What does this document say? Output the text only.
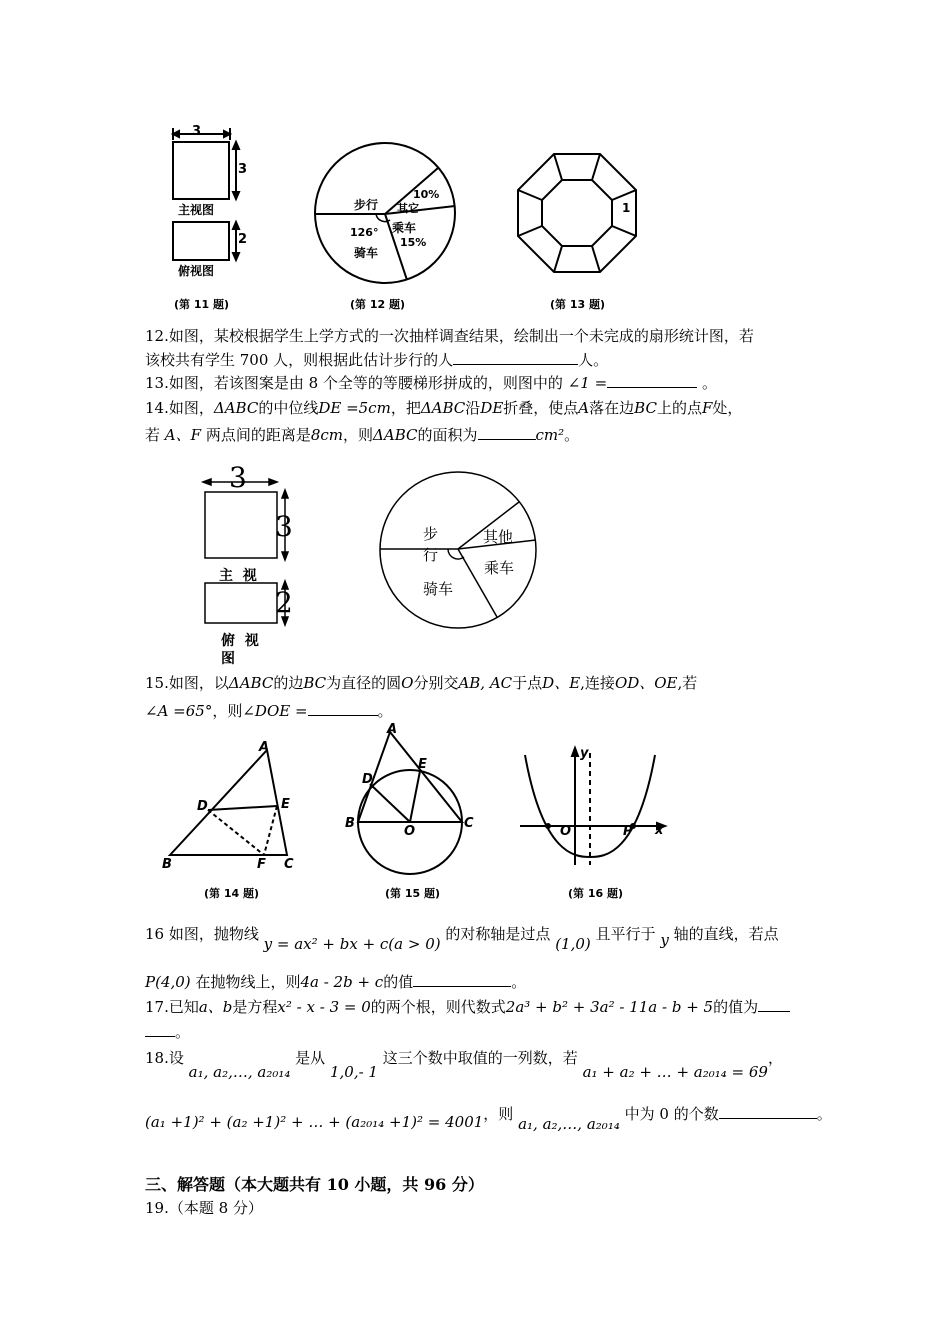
3
3
主视图
2
俯视图
(第 11 题)
步行
10%
其它
乘车
15%
126°
骑车
(第 12 题)
1
(第 13 题)
12.如图，某校根据学生上学方式的一次抽样调查结果，绘制出一个未完成的扇形统计图，若
该校共有学生 700 人，则根据此估计步行的人	人。
13.如图，若该图案是由 8 个全等的等腰梯形拼成的，则图中的 ∠1 =	。
14.如图，ΔABC的中位线DE =5cm，把ΔABC沿DE折叠，使点A落在边BC上的点F处，
若 A、F 两点间的距离是8cm，则ΔABC的面积为	cm²。
3
3
主  视
2
俯  视
图
步
行
其他
乘车
骑车
15.如图，以ΔABC的边BC为直径的圆O分别交AB, AC于点D、E,连接OD、OE,若
∠A =65°，则∠DOE =	。
A
D	E
B	F C
(第 14 题)
A
D
E
B
O
C
(第 15 题)
y
O	P x
(第 16 题)
16 如图，抛物线 y = ax² + bx + c(a > 0) 的对称轴是过点 (1,0) 且平行于 y 轴的直线，若点
P(4,0) 在抛物线上，则4a - 2b + c的值	。
17.已知a、b是方程x² - x - 3 = 0的两个根，则代数式2a³ + b² + 3a² - 11a - b + 5的值为
。
18.设 a₁, a₂,…, a₂₀₁₄ 是从 1,0,- 1 这三个数中取值的一列数，若 a₁ + a₂ + … + a₂₀₁₄ = 69，
(a₁ +1)² + (a₂ +1)² + … + (a₂₀₁₄ +1)² = 4001，则 a₁, a₂,…, a₂₀₁₄ 中为 0 的个数	。
三、解答题（本大题共有 10 小题，共 96 分）
19.（本题 8 分）
